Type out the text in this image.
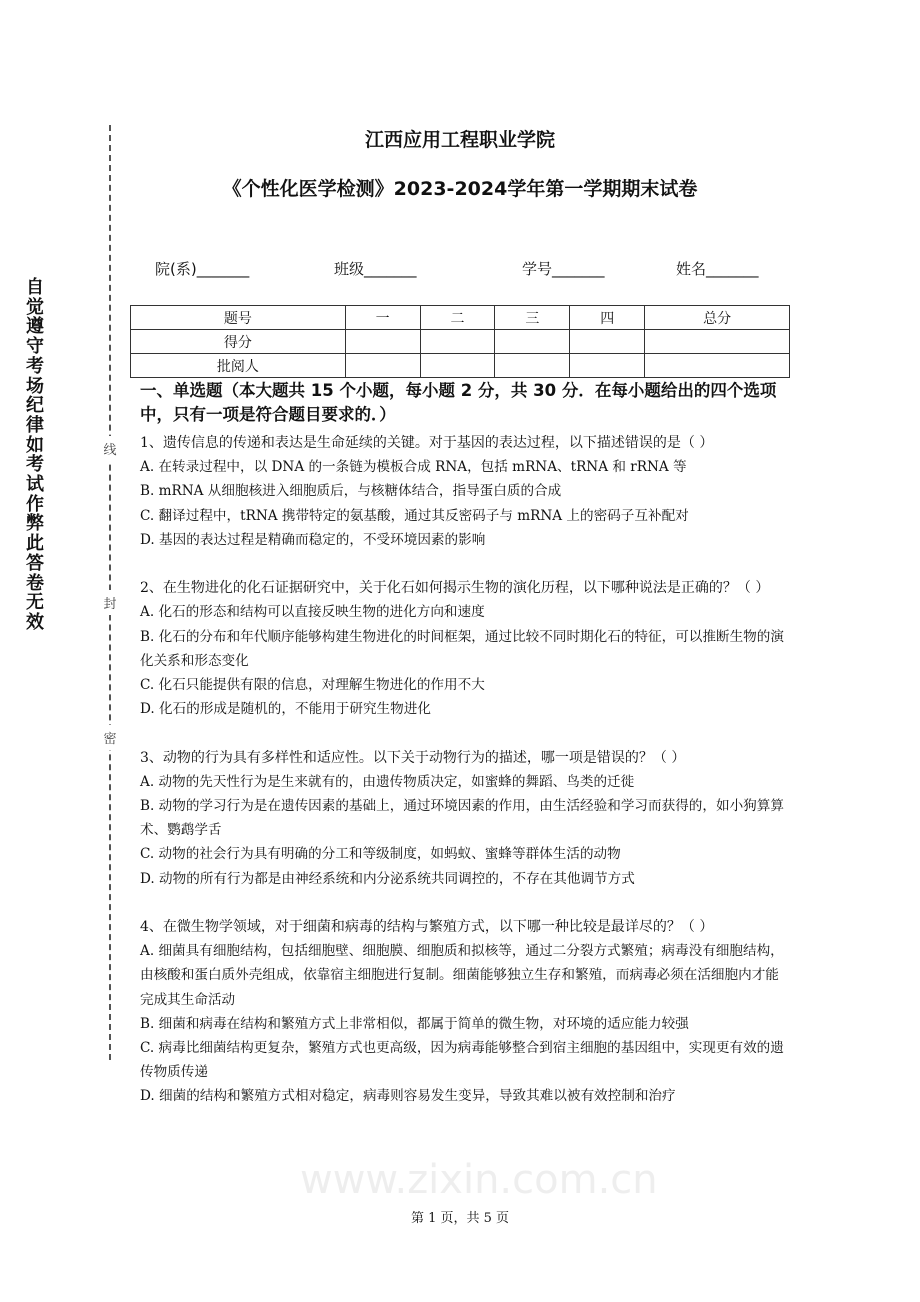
自觉遵守考场纪律如考试作弊此答卷无效
线
封
密
江西应用工程职业学院
《个性化医学检测》2023-2024学年第一学期期末试卷
院(系)_______	班级_______	学号_______	姓名_______
题号	一	二	三	四	总分
得分					
批阅人					
一、单选题（本大题共 15 个小题，每小题 2 分，共 30 分．在每小题给出的四个选项中，只有一项是符合题目要求的．）
1、遗传信息的传递和表达是生命延续的关键。对于基因的表达过程，以下描述错误的是（ ）
A. 在转录过程中，以 DNA 的一条链为模板合成 RNA，包括 mRNA、tRNA 和 rRNA 等
B. mRNA 从细胞核进入细胞质后，与核糖体结合，指导蛋白质的合成
C. 翻译过程中，tRNA 携带特定的氨基酸，通过其反密码子与 mRNA 上的密码子互补配对
D. 基因的表达过程是精确而稳定的，不受环境因素的影响
2、在生物进化的化石证据研究中，关于化石如何揭示生物的演化历程，以下哪种说法是正确的？（ ）
A. 化石的形态和结构可以直接反映生物的进化方向和速度
B. 化石的分布和年代顺序能够构建生物进化的时间框架，通过比较不同时期化石的特征，可以推断生物的演化关系和形态变化
C. 化石只能提供有限的信息，对理解生物进化的作用不大
D. 化石的形成是随机的，不能用于研究生物进化
3、动物的行为具有多样性和适应性。以下关于动物行为的描述，哪一项是错误的？（ ）
A. 动物的先天性行为是生来就有的，由遗传物质决定，如蜜蜂的舞蹈、鸟类的迁徙
B. 动物的学习行为是在遗传因素的基础上，通过环境因素的作用，由生活经验和学习而获得的，如小狗算算术、鹦鹉学舌
C. 动物的社会行为具有明确的分工和等级制度，如蚂蚁、蜜蜂等群体生活的动物
D. 动物的所有行为都是由神经系统和内分泌系统共同调控的，不存在其他调节方式
4、在微生物学领域，对于细菌和病毒的结构与繁殖方式，以下哪一种比较是最详尽的？（ ）
A. 细菌具有细胞结构，包括细胞壁、细胞膜、细胞质和拟核等，通过二分裂方式繁殖；病毒没有细胞结构，由核酸和蛋白质外壳组成，依靠宿主细胞进行复制。细菌能够独立生存和繁殖，而病毒必须在活细胞内才能完成其生命活动
B. 细菌和病毒在结构和繁殖方式上非常相似，都属于简单的微生物，对环境的适应能力较强
C. 病毒比细菌结构更复杂，繁殖方式也更高级，因为病毒能够整合到宿主细胞的基因组中，实现更有效的遗传物质传递
D. 细菌的结构和繁殖方式相对稳定，病毒则容易发生变异，导致其难以被有效控制和治疗
www.zixin.com.cn
第 1 页，共 5 页
